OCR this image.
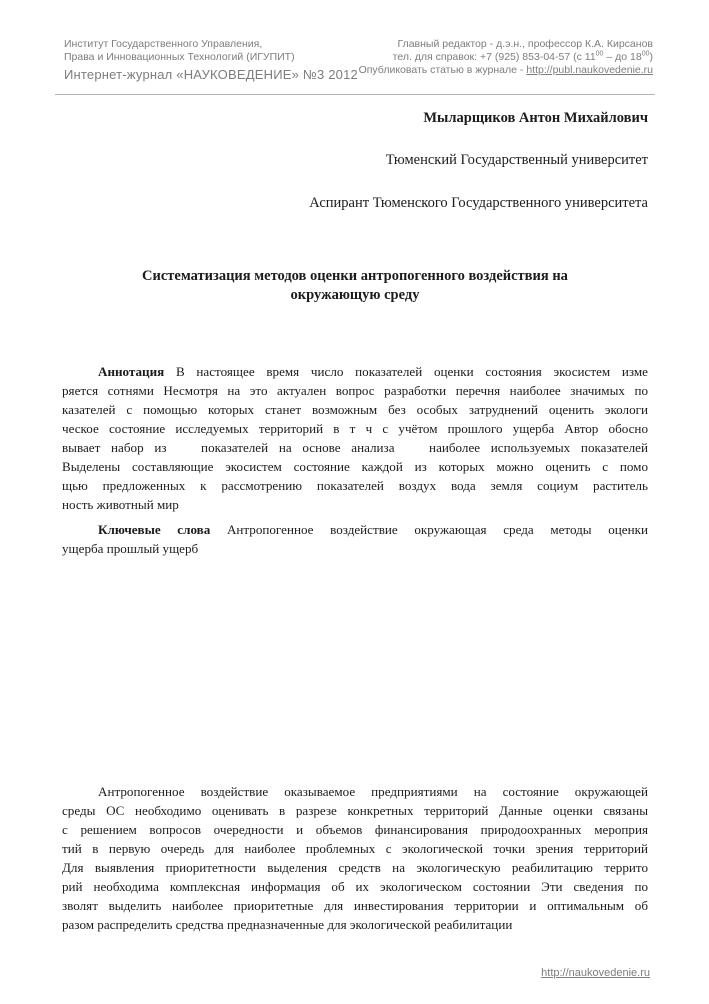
Институт Государственного Управления,
Права и Инновационных Технологий (ИГУПИТ)
Интернет-журнал «НАУКОВЕДЕНИЕ» №3 2012
Главный редактор - д.э.н., профессор К.А. Кирсанов
тел. для справок: +7 (925) 853-04-57 (с $11^{00}$ – до $18^{00}$)
Опубликовать статью в журнале - http://publ.naukovedenie.ru
Мыларщиков Антон Михайлович
Тюменский Государственный университет
Аспирант Тюменского Государственного университета
Систематизация методов оценки антропогенного воздействия на
окружающую среду
Аннотация В настоящее время число показателей оценки состояния экосистем изме
ряется сотнями Несмотря на это актуален вопрос разработки перечня наиболее значимых по
казателей с помощью которых станет возможным без особых затруднений оценить экологи
ческое состояние исследуемых территорий в т ч с учётом прошлого ущерба Автор обосно
вывает набор из   показателей на основе анализа   наиболее используемых показателей
Выделены составляющие экосистем состояние каждой из которых можно оценить с помо
щью предложенных к рассмотрению показателей воздух вода земля социум раститель
ность животный мир
Ключевые слова Антропогенное воздействие окружающая среда методы оценки
ущерба прошлый ущерб
Антропогенное воздействие оказываемое предприятиями на состояние окружающей
среды ОС необходимо оценивать в разрезе конкретных территорий Данные оценки связаны
с решением вопросов очередности и объемов финансирования природоохранных мероприя
тий в первую очередь для наиболее проблемных с экологической точки зрения территорий
Для выявления приоритетности выделения средств на экологическую реабилитацию террито
рий необходима комплексная информация об их экологическом состоянии Эти сведения по
зволят выделить наиболее приоритетные для инвестирования территории и оптимальным об
разом распределить средства предназначенные для экологической реабилитации
http://naukovedenie.ru
